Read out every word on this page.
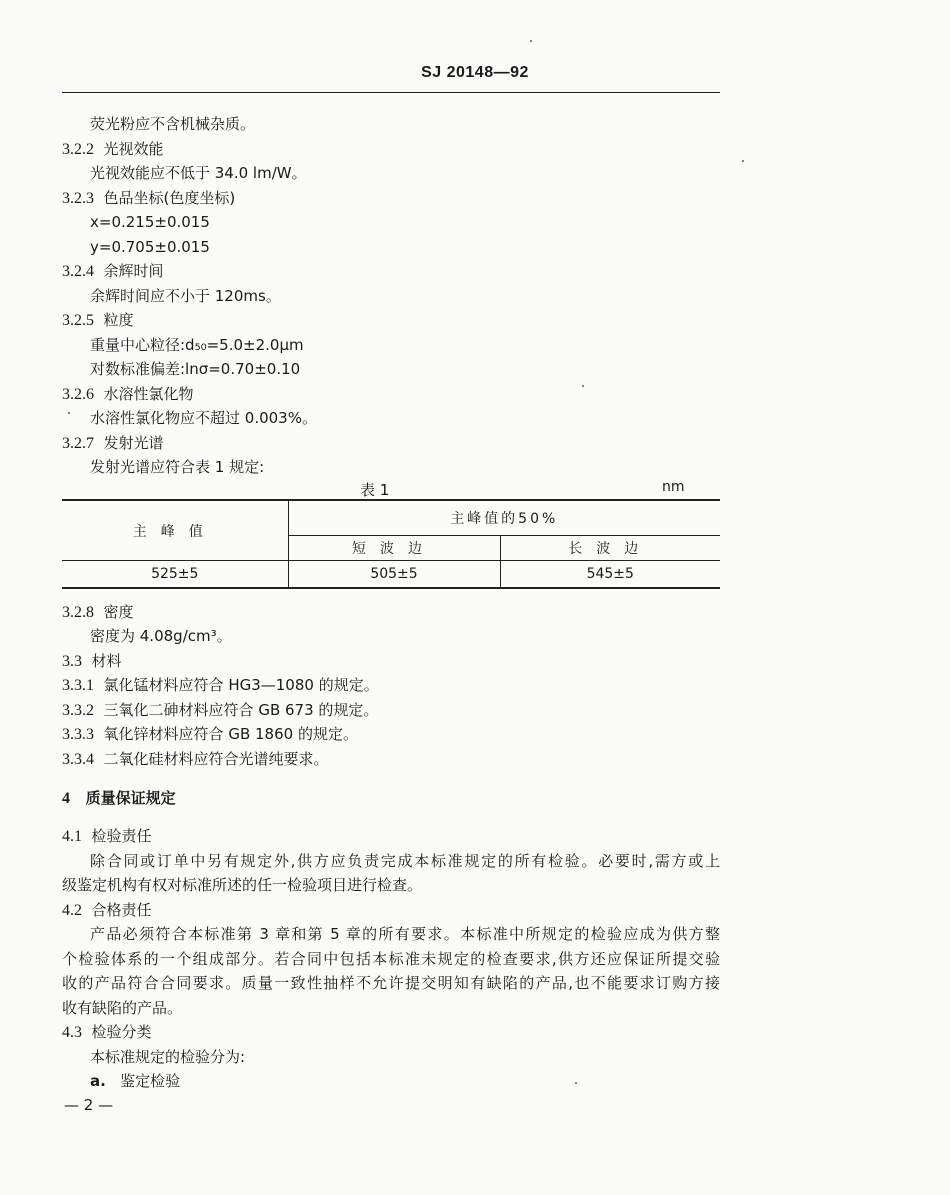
SJ 20148—92
荧光粉应不含机械杂质。
3.2.2 光视效能
光视效能应不低于 34.0 lm/W。
3.2.3 色品坐标(色度坐标)
x=0.215±0.015
y=0.705±0.015
3.2.4 余辉时间
余辉时间应不小于 120ms。
3.2.5 粒度
重量中心粒径:d₅₀=5.0±2.0μm
对数标准偏差:lnσ=0.70±0.10
3.2.6 水溶性氯化物
水溶性氯化物应不超过 0.003%。
3.2.7 发射光谱
发射光谱应符合表 1 规定:
表 1	nm
主峰值	主峰值的50%	
	短波边	长波边
525±5	505±5	545±5
3.2.8 密度
密度为 4.08g/cm³。
3.3 材料
3.3.1 氯化锰材料应符合 HG3—1080 的规定。
3.3.2 三氧化二砷材料应符合 GB 673 的规定。
3.3.3 氧化锌材料应符合 GB 1860 的规定。
3.3.4 二氧化硅材料应符合光谱纯要求。
4 质量保证规定
4.1 检验责任
除合同或订单中另有规定外,供方应负责完成本标准规定的所有检验。必要时,需方或上
级鉴定机构有权对标准所述的任一检验项目进行检查。
4.2 合格责任
产品必须符合本标准第 3 章和第 5 章的所有要求。本标准中所规定的检验应成为供方整
个检验体系的一个组成部分。若合同中包括本标准未规定的检查要求,供方还应保证所提交验
收的产品符合合同要求。质量一致性抽样不允许提交明知有缺陷的产品,也不能要求订购方接
收有缺陷的产品。
4.3 检验分类
本标准规定的检验分为:
a. 鉴定检验
— 2 —
